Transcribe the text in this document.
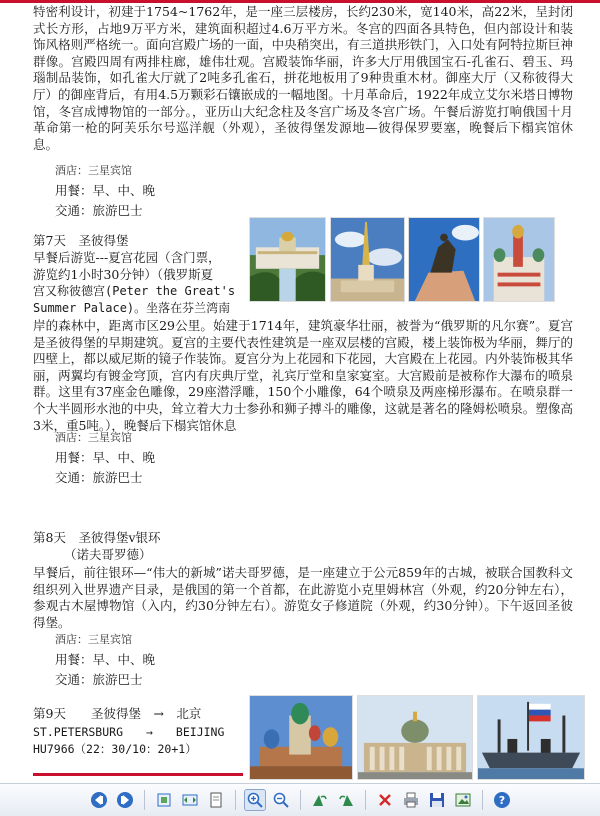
特密利设计，初建于1754~1762年，是一座三层楼房，长约230米，宽140米，高22米，呈封闭式长方形，占地9万平方米，建筑面积超过4.6万平方米。冬宫的四面各具特色，但内部设计和装饰风格则严格统一。面向宫殿广场的一面，中央稍突出，有三道拱形铁门，入口处有阿特拉斯巨神群像。宫殿四周有两排柱廊，雄伟壮观。宫殿装饰华丽，许多大厅用俄国宝石-孔雀石、碧玉、玛瑙制品装饰，如孔雀大厅就了2吨多孔雀石，拼花地板用了9种贵重木材。御座大厅（又称彼得大厅）的御座背后，有用4.5万颗彩石镶嵌成的一幅地图。十月革命后，1922年成立艾尔米塔日博物馆，冬宫成博物馆的一部分。，亚历山大纪念柱及冬宫广场及冬宫广场。午餐后游览打响俄国十月革命第一枪的阿芙乐尔号巡洋舰（外观），圣彼得堡发源地—彼得保罗要塞，晚餐后下榻宾馆休息。

酒店：三星宾馆
用餐：早、中、晚
交通：旅游巴士
第7天　圣彼得堡
早餐后游览---夏宫花园（含门票，
游览约1小时30分钟）（俄罗斯夏
宫又称彼德宫(Peter the Great's
Summer Palace)。坐落在芬兰湾南

岸的森林中，距离市区29公里。始建于1714年，建筑豪华壮丽，被誉为“俄罗斯的凡尔赛”。夏宫是圣彼得堡的早期建筑。夏宫的主要代表性建筑是一座双层楼的宫殿，楼上装饰极为华丽，舞厅的四壁上，都以威尼斯的镜子作装饰。夏宫分为上花园和下花园，大宫殿在上花园。内外装饰极其华丽，两翼均有镀金穹顶，宫内有庆典厅堂，礼宾厅堂和皇家宴室。大宫殿前是被称作大瀑布的喷泉群。这里有37座金色雕像，29座潜浮雕，150个小雕像，64个喷泉及两座梯形瀑布。在喷泉群一个大半圆形水池的中央，耸立着大力士参孙和狮子搏斗的雕像，这就是著名的隆姆松喷泉。塑像高3米，重5吨。），晚餐后下榻宾馆休息

酒店：三星宾馆
用餐：早、中、晚
交通：旅游巴士
第8天　圣彼得堡v银环
（诺夫哥罗德）

早餐后，前往银环—“伟大的新城”诺夫哥罗德，是一座建立于公元859年的古城，被联合国教科文组织列入世界遗产目录，是俄国的第一个首都，在此游览小克里姆林宫（外观，约20分钟左右），参观古木屋博物馆（入内，约30分钟左右）。游览女子修道院（外观，约30分钟）。下午返回圣彼得堡。

酒店：三星宾馆
用餐：早、中、晚
交通：旅游巴士
第9天　　圣彼得堡　→　北京
ST.PETERSBURG　　→　　BEIJING
HU7966（22：30/10：20+1）
?
